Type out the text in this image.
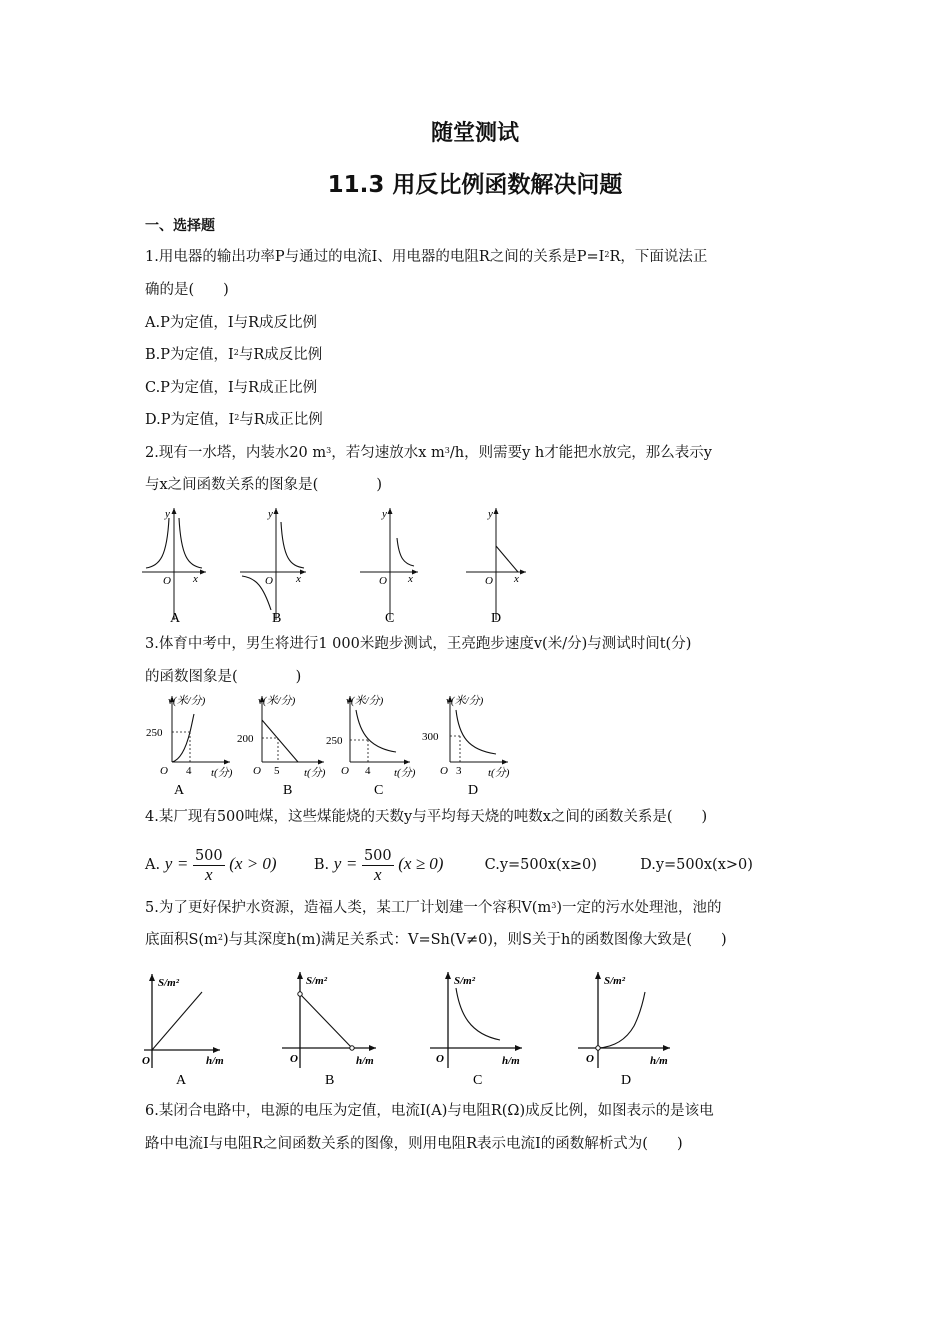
随堂测试
11.3 用反比例函数解决问题
一、选择题
1.用电器的输出功率P与通过的电流I、用电器的电阻R之间的关系是$P=I^2R$，下面说法正
确的是(　　)
A.P为定值，I与R成反比例
B.P为定值，$I^2$与R成反比例
C.P为定值，I与R成正比例
D.P为定值，$I^2$与R成正比例
2.现有一水塔，内装水20 $m^3$，若匀速放水x $m^3/h$，则需要y h才能把水放完，那么表示y
与x之间函数关系的图象是(　　　　)
y
x
O
A
y
x
O
B
y
x
O
C
y
x
O
D
3.体育中考中，男生将进行1 000米跑步测试，王亮跑步速度v(米/分)与测试时间t(分)
的函数图象是(　　　　)
v(米/分)
250
4
O	t(分)
A
v(米/分)
200
5
O	t(分)
B
v(米/分)
250
4
O	t(分)
C
v(米/分)
300
3
O	t(分)
D
4.某厂现有500吨煤，这些煤能烧的天数y与平均每天烧的吨数x之间的函数关系是(　　)
A. $y = \frac{500}{x} (x > 0)$	B. $y = \frac{500}{x} (x \ge 0)$	C.y=500x(x≥0)	D.y=500x(x>0)
5.为了更好保护水资源，造福人类，某工厂计划建一个容积$V(m^3)$一定的污水处理池，池的
底面积$S(m^2)$与其深度h(m)满足关系式：V=Sh(V≠0)，则S关于h的函数图像大致是(　　)
S/m²
O	h/m
A
S/m²
O	h/m
B
S/m²
O	h/m
C
S/m²
O	h/m
D
6.某闭合电路中，电源的电压为定值，电流I(A)与电阻R(Ω)成反比例，如图表示的是该电
路中电流I与电阻R之间函数关系的图像，则用电阻R表示电流I的函数解析式为(　　)
